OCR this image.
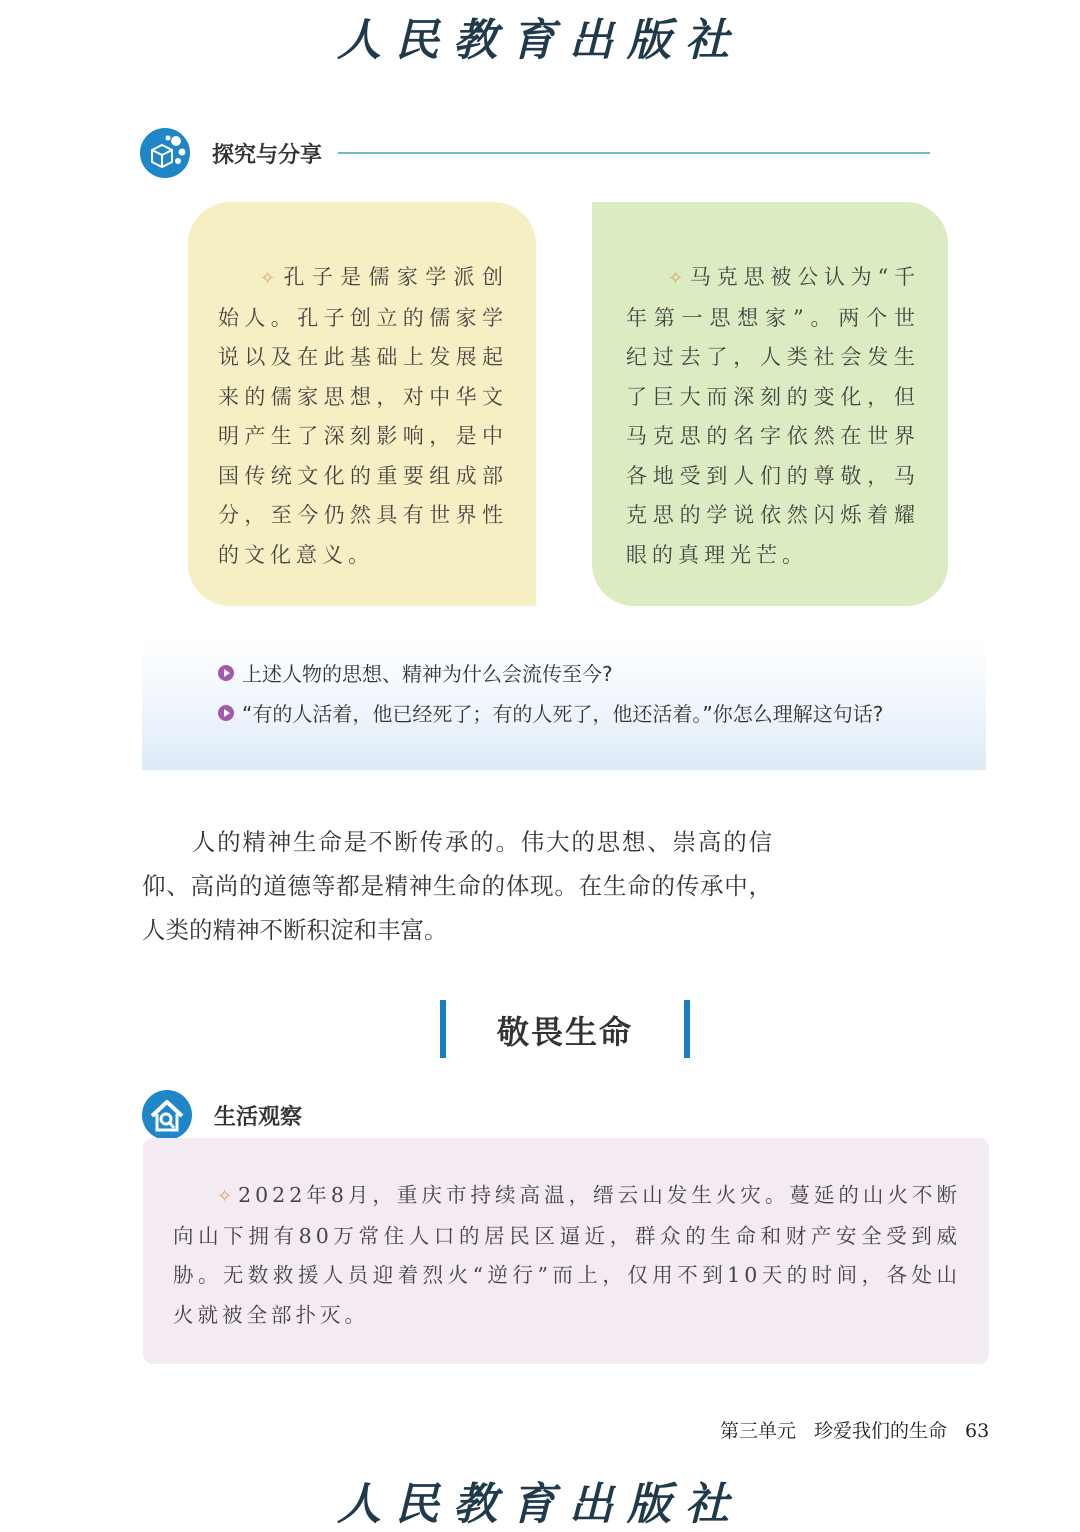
人民教育出版社
探究与分享
✧ 孔子是儒家学派创始人。孔子创立的儒家学说以及在此基础上发展起来的儒家思想，对中华文明产生了深刻影响，是中国传统文化的重要组成部分，至今仍然具有世界性的文化意义。
✧ 马克思被公认为“千年第一思想家”。两个世纪过去了，人类社会发生了巨大而深刻的变化，但马克思的名字依然在世界各地受到人们的尊敬，马克思的学说依然闪烁着耀眼的真理光芒。
上述人物的思想、精神为什么会流传至今?
“有的人活着，他已经死了；有的人死了，他还活着。”你怎么理解这句话?
人的精神生命是不断传承的。伟大的思想、崇高的信仰、高尚的道德等都是精神生命的体现。在生命的传承中，人类的精神不断积淀和丰富。
敬畏生命
生活观察
✧ 2022年8月，重庆市持续高温，缙云山发生火灾。蔓延的山火不断向山下拥有80万常住人口的居民区逼近，群众的生命和财产安全受到威胁。无数救援人员迎着烈火“逆行”而上，仅用不到10天的时间，各处山火就被全部扑灭。
第三单元 珍爱我们的生命 63
人民教育出版社
